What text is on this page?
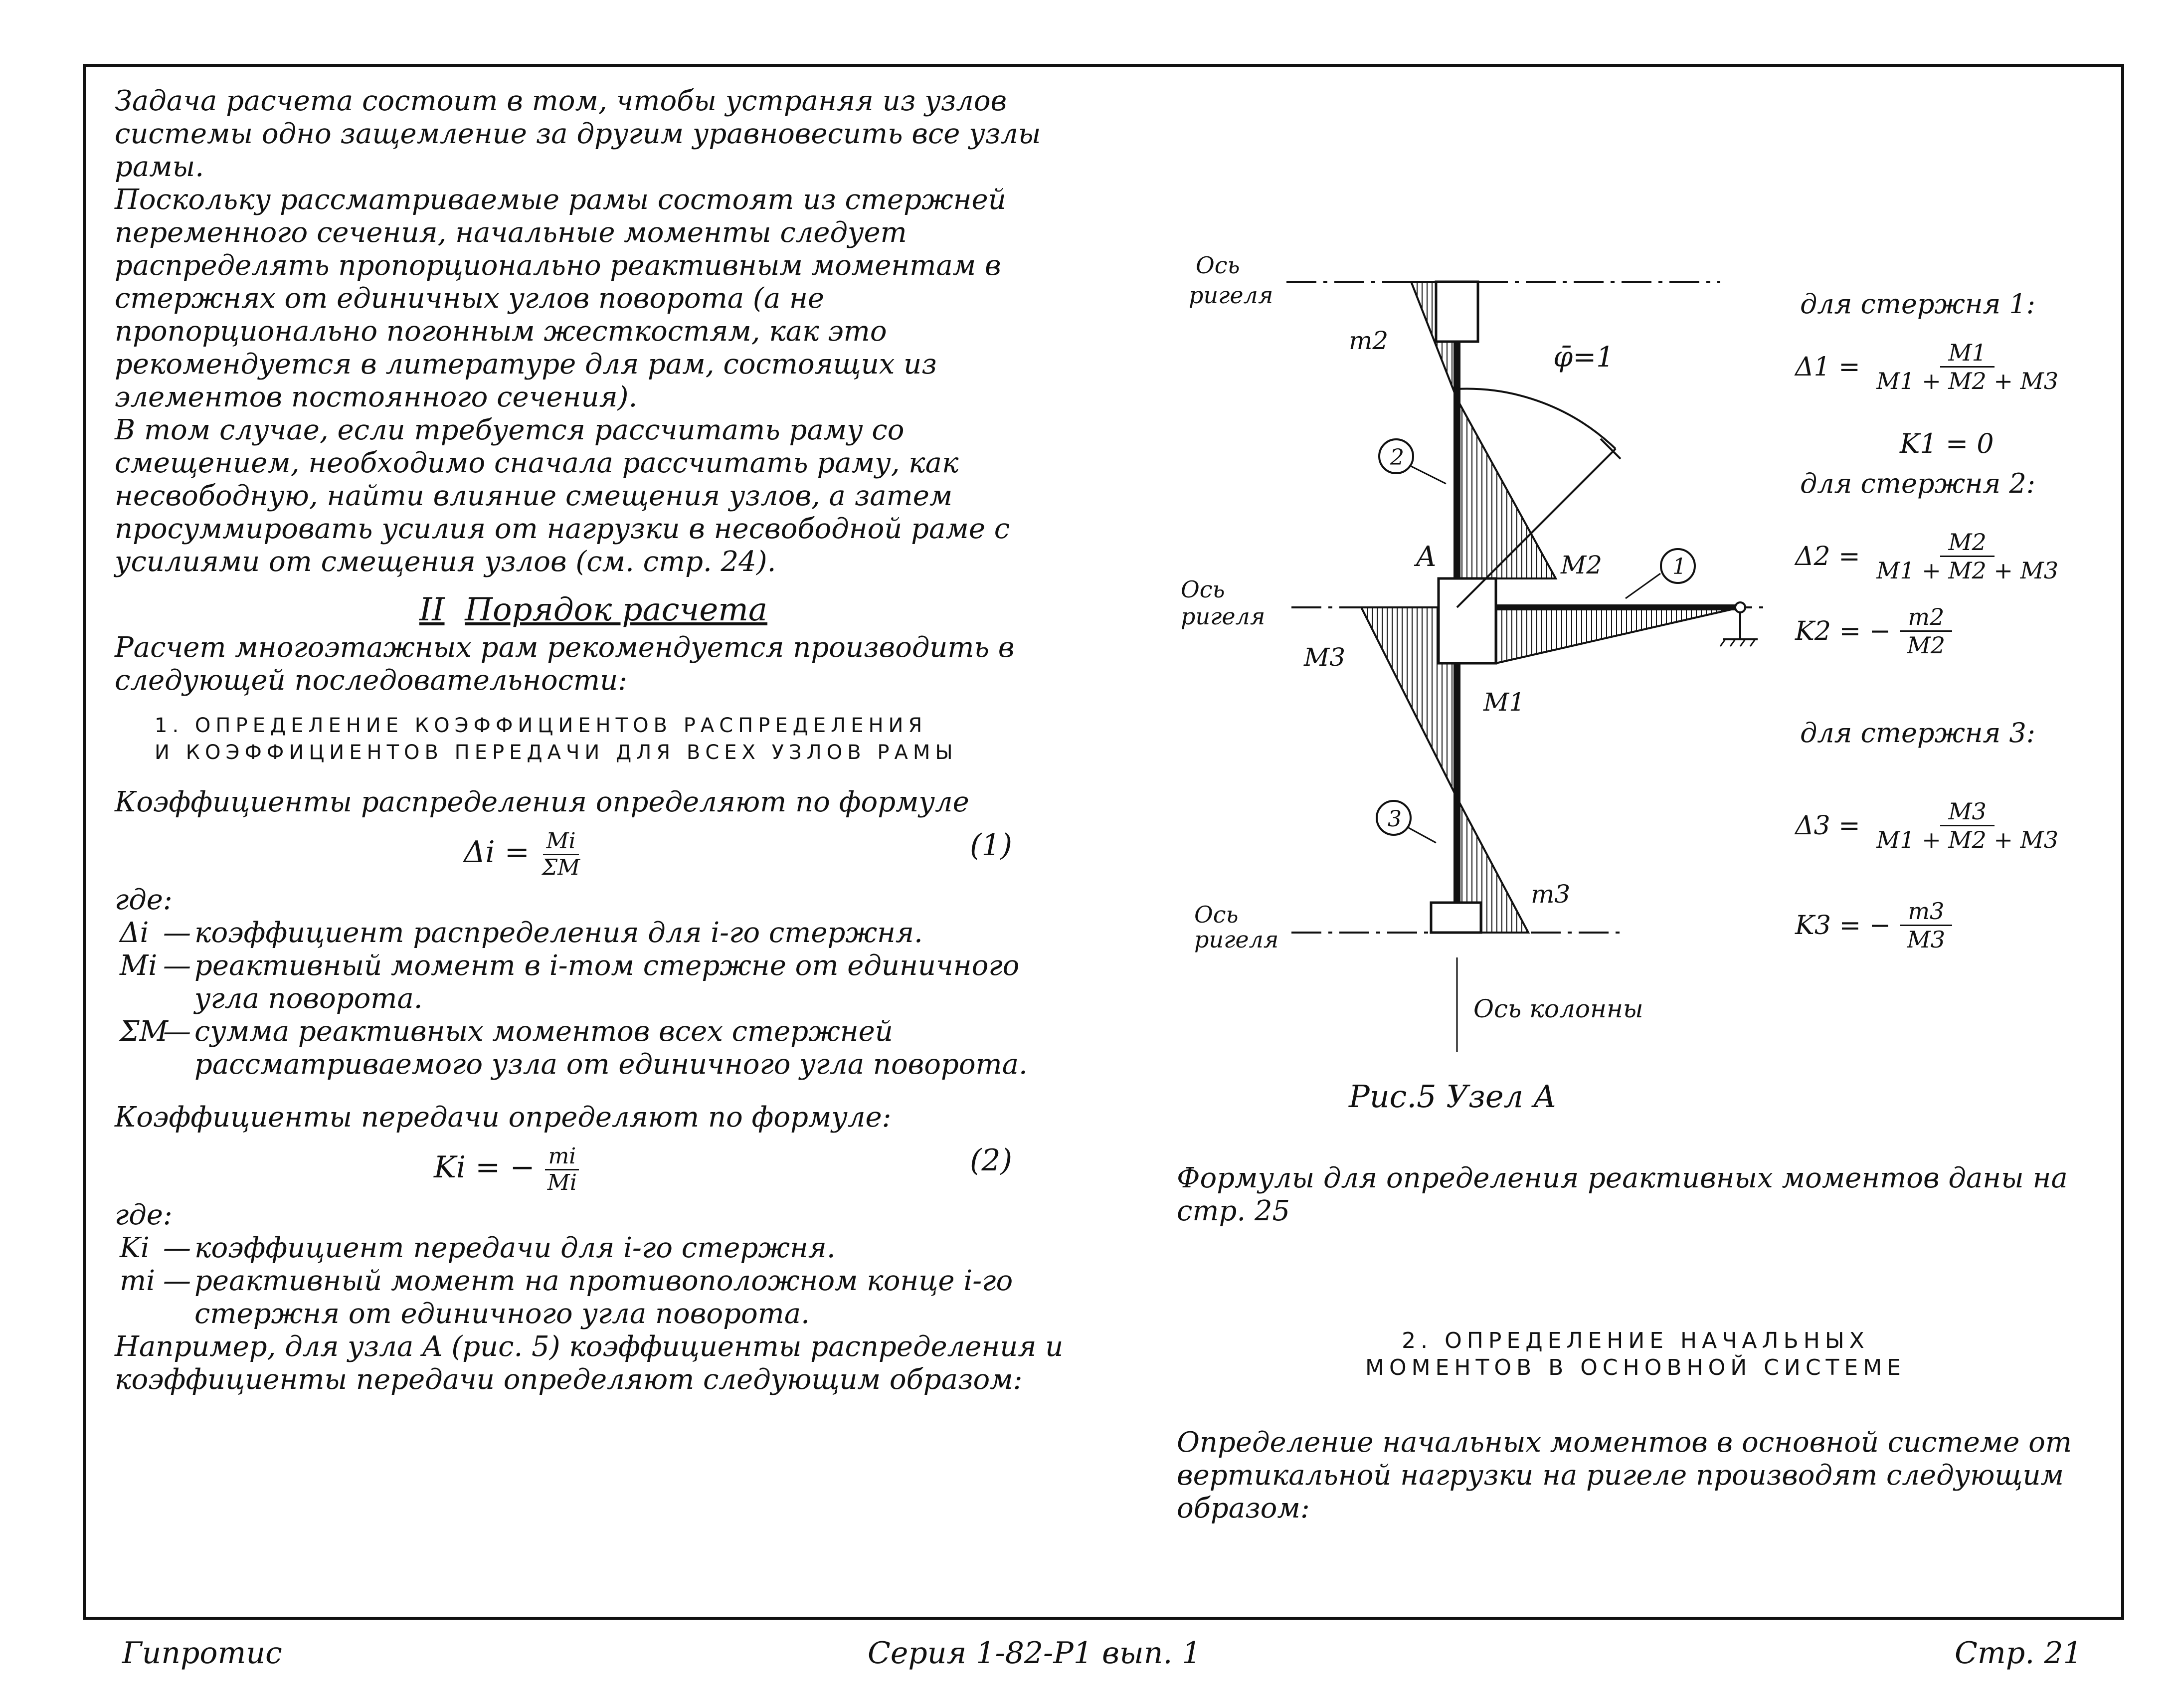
Задача расчета состоит в том, чтобы устраняя из узлов системы одно защемление за другим уравновесить все узлы рамы.

Поскольку рассматриваемые рамы состоят из стержней переменного сечения, начальные моменты следует распределять пропорционально реактивным моментам в стержнях от единичных углов поворота (а не пропорционально погонным жесткостям, как это рекомендуется в литературе для рам, состоящих из элементов постоянного сечения).

В том случае, если требуется рассчитать раму со смещением, необходимо сначала рассчитать раму, как несвободную, найти влияние смещения узлов, а затем просуммировать усилия от нагрузки в несвободной раме с усилиями от смещения узлов (см. стр. 24).

II Порядок расчета

Расчет многоэтажных рам рекомендуется производить в следующей последовательности:

1. ОПРЕДЕЛЕНИЕ КОЭФФИЦИЕНТОВ РАСПРЕДЕЛЕНИЯ

И КОЭФФИЦИЕНТОВ ПЕРЕДАЧИ ДЛЯ ВСЕХ УЗЛОВ РАМЫ

Коэффициенты распределения определяют по формуле

$\Delta i = \frac{Mi}{\Sigma M}$	(1)

где:

Δi — коэффициент распределения для i-го стержня.
Mi — реактивный момент в i-том стержне от единичного угла поворота.
ΣM
— сумма реактивных моментов всех стержней рассматриваемого узла от единичного угла поворота.

Коэффициенты передачи определяют по формуле:

Ki = − $\frac{mi}{Mi}$	(2)

где:

Ki — коэффициент передачи для i-го стержня.
mi — реактивный момент на противоположном конце i-го стержня от единичного угла поворота.

Например, для узла A (рис. 5) коэффициенты распределения и коэффициенты передачи определяют следующим образом:

Ось
ригеля
Ось
ригеля
Ось
ригеля
Ось колонны
φ̄=1
A
m2
M2
M3
M1
m3
2
1
3
Рис.5 Узел А
для стержня 1:
Δ1 =
$\frac{M1}{M1 + M2 + M3}$
K1 = 0
для стержня 2:
Δ2 =
$\frac{M2}{M1 + M2 + M3}$
K2 = −
$\frac{m2}{M2}$
для стержня 3:
Δ3 =
$\frac{M3}{M1 + M2 + M3}$
K3 = −
$\frac{m3}{M3}$

Формулы для определения реактивных моментов даны на стр. 25

2. ОПРЕДЕЛЕНИЕ НАЧАЛЬНЫХ

МОМЕНТОВ В ОСНОВНОЙ СИСТЕМЕ

Определение начальных моментов в основной системе от вертикальной нагрузки на ригеле производят следующим образом:

Гипротис	Серия 1-82-Р1 вып. 1	Стр. 21
